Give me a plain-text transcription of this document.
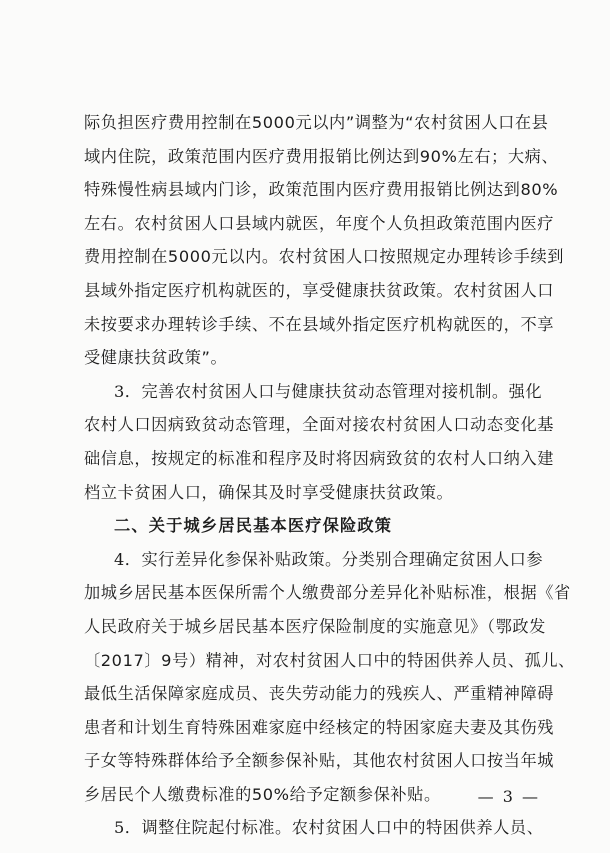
际负担医疗费用控制在5000元以内”调整为“农村贫困人口在县
域内住院，政策范围内医疗费用报销比例达到90%左右；大病、
特殊慢性病县域内门诊，政策范围内医疗费用报销比例达到80%
左右。农村贫困人口县域内就医，年度个人负担政策范围内医疗
费用控制在5000元以内。农村贫困人口按照规定办理转诊手续到
县域外指定医疗机构就医的，享受健康扶贫政策。农村贫困人口
未按要求办理转诊手续、不在县域外指定医疗机构就医的，不享
受健康扶贫政策”。
3．完善农村贫困人口与健康扶贫动态管理对接机制。强化
农村人口因病致贫动态管理，全面对接农村贫困人口动态变化基
础信息，按规定的标准和程序及时将因病致贫的农村人口纳入建
档立卡贫困人口，确保其及时享受健康扶贫政策。
二、关于城乡居民基本医疗保险政策
4．实行差异化参保补贴政策。分类别合理确定贫困人口参
加城乡居民基本医保所需个人缴费部分差异化补贴标准，根据《省
人民政府关于城乡居民基本医疗保险制度的实施意见》（鄂政发
〔2017〕9号）精神，对农村贫困人口中的特困供养人员、孤儿、
最低生活保障家庭成员、丧失劳动能力的残疾人、严重精神障碍
患者和计划生育特殊困难家庭中经核定的特困家庭夫妻及其伤残
子女等特殊群体给予全额参保补贴，其他农村贫困人口按当年城
乡居民个人缴费标准的50%给予定额参保补贴。
5．调整住院起付标准。农村贫困人口中的特困供养人员、
— 3 —
